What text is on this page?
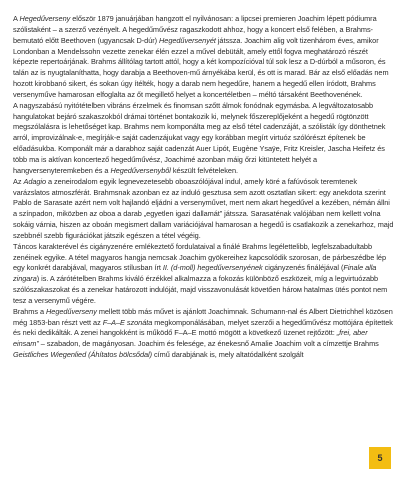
A Hegedűverseny először 1879 januárjában hangzott el nyilvánosan: a lipcsei premieren Joachim lépett pódiumra szólistaként – a szerző vezényelt. A hegedűművész ragaszkodott ahhoz, hogy a koncert első felében, a Brahms-bemutató előtt Beethoven (ugyancsak D-dúr) Hegedűversenyét játssza. Joachim alig volt tizenhárom éves, amikor Londonban a Mendelssohn vezette zenekar élén ezzel a művel debütált, amely ettől fogva meghatározó részét képezte repertoárjának. Brahms állítólag tartott attól, hogy a két kompozícióval túl sok lesz a D-dúrból a műsoron, és talán az is nyugtalaníthatta, hogy darabja a Beethoven-mű árnyékába kerül, és ott is marad. Bár az első előadás nem hozott kirobbanó sikert, és sokan úgy ítélték, hogy a darab nem hegedűre, hanem a hegedű ellen íródott, Brahms versenyműve hamarosan elfoglalta az őt megillető helyet a koncertéletben – méltó társaként Beethovenének.

A nagyszabású nyitótételben vibráns érzelmek és finomsan szőtt álmok fonódnak egymásba. A legváltozatosabb hangulatokat bejáró szakaszokból drámai történet bontakozik ki, melynek főszereplőjeként a hegedű rögtönzött megszólalásra is lehetőséget kap. Brahms nem komponálta meg az első tétel cadenzáját, a szólisták így dönthetnek arról, improvizálnak-e, megírják-e saját cadenzájukat vagy egy korábban megírt virtuóz szólórészt építenek be előadásukba. Komponált már a darabhoz saját cadenzát Auer Lipót, Eugène Ysaÿe, Fritz Kreisler, Jascha Heifetz és több ma is aktívan koncertező hegedűművész, Joachimé azonban máig őrzi kitüntetett helyét a hangversenyteremkeben és a Hegedűversenyből készült felvételeken.

Az Adagio a zeneirodalom egyik legnevezetesebb oboaszólójával indul, amely köré a fafúvósok teremtenek varázslatos atmoszférát. Brahmsnak azonban ez az induló gesztusa sem azott osztatlan sikert: egy anekdota szerint Pablo de Sarasate azért nem volt hajlandó eljádni a versenyművet, mert nem akart hegedűvel a kezében, némán állni a színpadon, miközben az oboa a darab „egyetlen igazi dallamát” játssza. Sarasaténak valójában nem kellett volna sokáig várnia, hiszen az oboán megismert dallam variációjával hamarosan a hegedű is csatlakozik a zenekarhoz, majd szebbnél szebb figurációkat játszik egészen a tétel végéig.

Táncos karakterével és cigányzenére emlékeztető fordulataival a finálé Brahms legélettelibb, legfelszabadultabb zenéinek egyike. A tétel magyaros hangja nemcsak Joachim gyökereihez kapcsolódik szorosan, de párbeszédbe lép egy konkrét darabjával, magyaros stílusban írt II. (d-moll) hegedűversenyének cigányzenés fináléjával (Finale alla zingara) is. A zárótételben Brahms kiváló érzékkel alkalmazza a fokozás különböző eszközeit, míg a legvirtuózabb szólószakaszokat és a zenekar határozott indulóját, majd visszavonulását követően hároм hatalmas ütés pontot nem tesz a versenymű végére.

Brahms a Hegedűverseny mellett több más művet is ajánlott Joachimnak. Schumann-nal és Albert Dietrichhel közösen még 1853-ban részt vett az F–A–E szonáta megkomponálásában, melyet szerzői a hegedűművész mottójára építettek és neki dedikálták. A zenei hangokként is működő F–A–E mottó mögött a következő üzenet rejtőzött: „frei, aber einsam” – szabadon, de magányosan. Joachim és felesége, az énekesnő Amalie Joachim volt a címzettje Brahms Geistliches Wiegenlied (Áhítatos bölcsődal) című darabjának is, mely altatódalként szolgált

5
